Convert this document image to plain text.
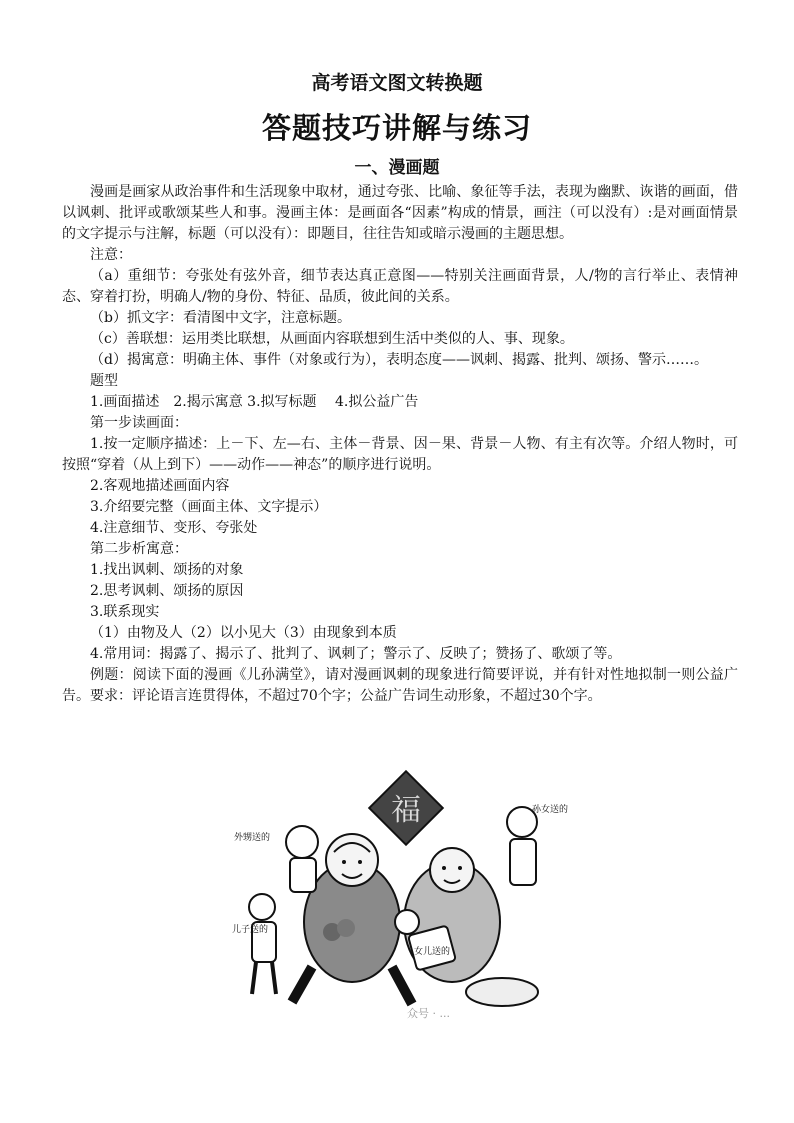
高考语文图文转换题
答题技巧讲解与练习
一、漫画题

漫画是画家从政治事件和生活现象中取材，通过夸张、比喻、象征等手法，表现为幽默、诙谐的画面，借以讽刺、批评或歌颂某些人和事。漫画主体：是画面各“因素”构成的情景，画注（可以没有）:是对画面情景的文字提示与注解，标题（可以没有）：即题目，往往告知或暗示漫画的主题思想。

注意：

（a）重细节：夸张处有弦外音，细节表达真正意图——特别关注画面背景，人/物的言行举止、表情神态、穿着打扮，明确人/物的身份、特征、品质，彼此间的关系。

（b）抓文字：看清图中文字，注意标题。

（c）善联想：运用类比联想，从画面内容联想到生活中类似的人、事、现象。

（d）揭寓意：明确主体、事件（对象或行为），表明态度——讽刺、揭露、批判、颂扬、警示……。

题型

1.画面描述　2.揭示寓意 3.拟写标题　 4.拟公益广告

第一步读画面：

1.按一定顺序描述：上－下、左—右、主体－背景、因－果、背景－人物、有主有次等。介绍人物时，可按照“穿着（从上到下）——动作——神态”的顺序进行说明。

2.客观地描述画面内容

3.介绍要完整（画面主体、文字提示）

4.注意细节、变形、夸张处

第二步析寓意：

1.找出讽刺、颂扬的对象

2.思考讽刺、颂扬的原因

3.联系现实

（1）由物及人（2）以小见大（3）由现象到本质

4.常用词：揭露了、揭示了、批判了、讽刺了；警示了、反映了；赞扬了、歌颂了等。

例题：阅读下面的漫画《儿孙满堂》，请对漫画讽刺的现象进行简要评说，并有针对性地拟制一则公益广告。要求：评论语言连贯得体，不超过70个字；公益广告词生动形象，不超过30个字。

福
女儿送的
外甥送的
孙女送的
儿子送的
众号 · ...
